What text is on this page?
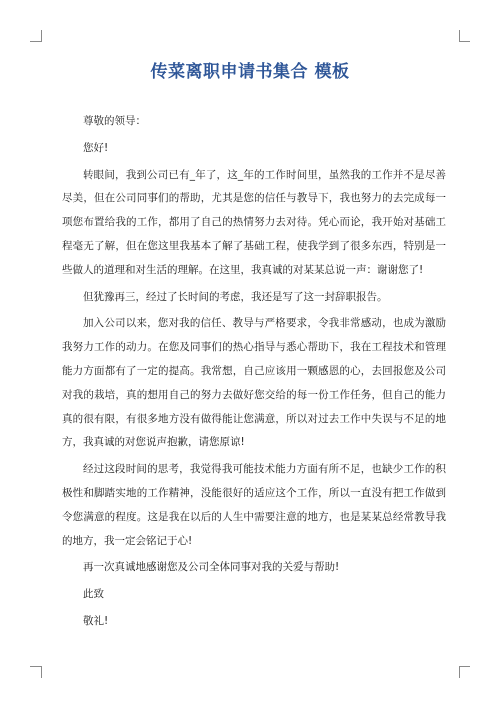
传菜离职申请书集合 模板

尊敬的领导：

您好!

转眼间，我到公司已有_年了，这_年的工作时间里，虽然我的工作并不是尽善尽美，但在公司同事们的帮助，尤其是您的信任与教导下，我也努力的去完成每一项您布置给我的工作，都用了自己的热情努力去对待。凭心而论，我开始对基础工程毫无了解，但在您这里我基本了解了基础工程，使我学到了很多东西，特别是一些做人的道理和对生活的理解。在这里，我真诚的对某某总说一声：谢谢您了!

但犹豫再三，经过了长时间的考虑，我还是写了这一封辞职报告。

加入公司以来，您对我的信任、教导与严格要求，令我非常感动，也成为激励我努力工作的动力。在您及同事们的热心指导与悉心帮助下，我在工程技术和管理能力方面都有了一定的提高。我常想，自己应该用一颗感恩的心，去回报您及公司对我的栽培，真的想用自己的努力去做好您交给的每一份工作任务，但自己的能力真的很有限，有很多地方没有做得能让您满意，所以对过去工作中失误与不足的地方，我真诚的对您说声抱歉，请您原谅!

经过这段时间的思考，我觉得我可能技术能力方面有所不足，也缺少工作的积极性和脚踏实地的工作精神，没能很好的适应这个工作，所以一直没有把工作做到令您满意的程度。这是我在以后的人生中需要注意的地方，也是某某总经常教导我的地方，我一定会铭记于心!

再一次真诚地感谢您及公司全体同事对我的关爱与帮助!

此致

敬礼!
